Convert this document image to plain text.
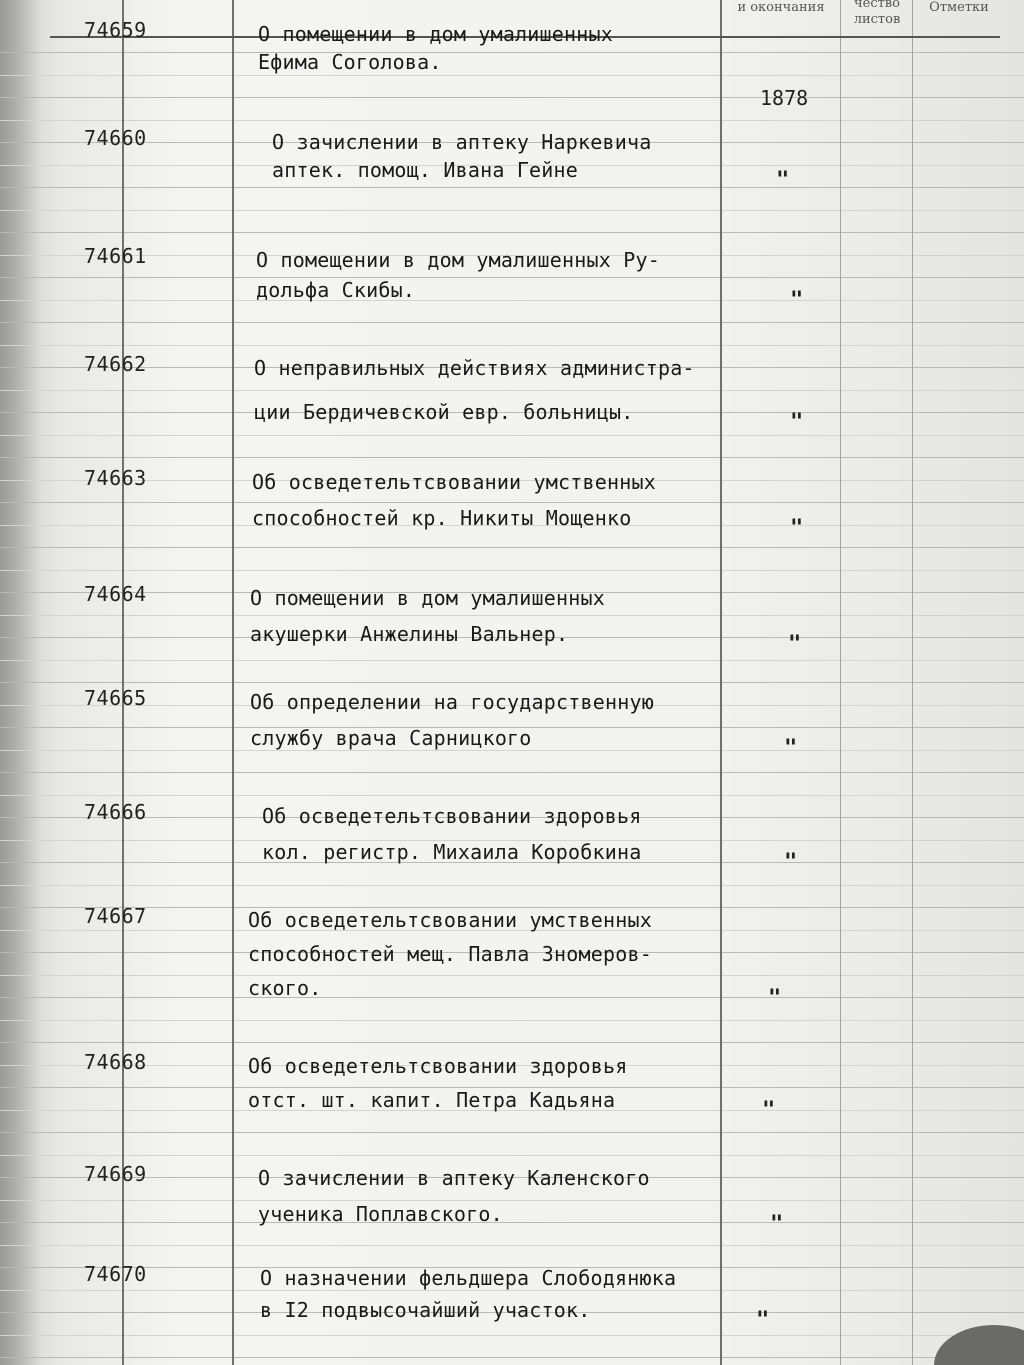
и окончания	чество
листов
Отметки
74659	О помещении в дом умалишенных
Ефима Соголова.
1878
74660	О зачислении в аптеку Наркевича
аптек. помощ. Ивана Гейне	"
74661	О помещении в дом умалишенных Ру-
дольфа Скибы.	"
74662	О неправильных действиях администра-
ции Бердичевской евр. больницы.	"
74663	Об осведетельтсвовании умственных
способностей кр. Никиты Мощенко	"
74664	О помещении в дом умалишенных
акушерки Анжелины Вальнер.	"
74665	Об определении на государственную
службу врача Сарницкого	"
74666	Об осведетельтсвовании здоровья
кол. регистр. Михаила Коробкина	"
74667	Об осведетельтсвовании умственных
способностей мещ. Павла Зномеров-
ского.	"
74668	Об осведетельтсвовании здоровья
отст. шт. капит. Петра Кадьяна	"
74669	О зачислении в аптеку Каленского
ученика Поплавского.	"
74670	О назначении фельдшера Слободянюка
в I2 подвысочайший участок.	"
